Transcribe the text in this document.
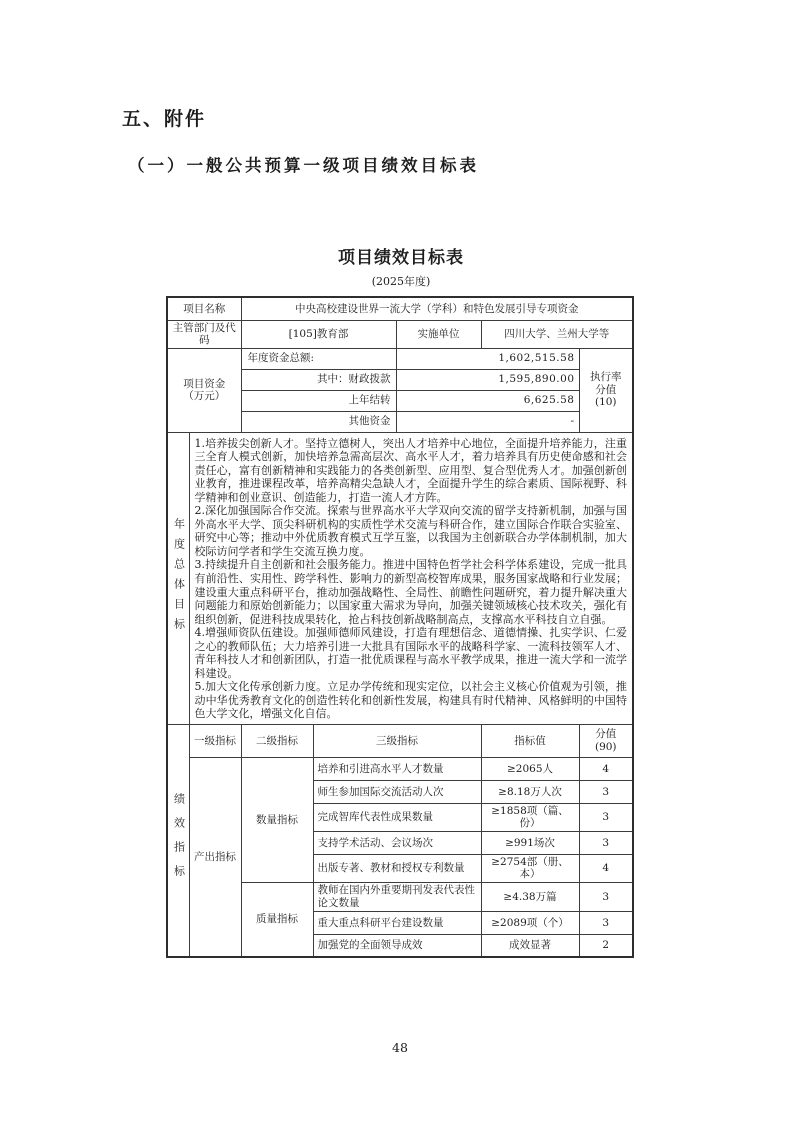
五、附件
（一）一般公共预算一级项目绩效目标表
项目绩效目标表
(2025年度)
项目名称		中央高校建设世界一流大学（学科）和特色发展引导专项资金				
主管部门及代码		[105]教育部		实施单位	四川大学、兰州大学等	

项目资金
（万元）		年度资金总额:		1,602,515.58		执行率
分值
(10)

		其中：财政拨款		1,595,890.00		
		上年结转		6,625.58		
		其他资金		-		

年度总体目标	1.培养拔尖创新人才。坚持立德树人，突出人才培养中心地位，全面提升培养能力，注重三全育人模式创新，加快培养急需高层次、高水平人才，着力培养具有历史使命感和社会责任心，富有创新精神和实践能力的各类创新型、应用型、复合型优秀人才。加强创新创业教育，推进课程改革，培养高精尖急缺人才，全面提升学生的综合素质、国际视野、科学精神和创业意识、创造能力，打造一流人才方阵。

2.深化加强国际合作交流。探索与世界高水平大学双向交流的留学支持新机制，加强与国外高水平大学、顶尖科研机构的实质性学术交流与科研合作，建立国际合作联合实验室、研究中心等；推动中外优质教育模式互学互鉴，以我国为主创新联合办学体制机制，加大校际访问学者和学生交流互换力度。

3.持续提升自主创新和社会服务能力。推进中国特色哲学社会科学体系建设，完成一批具有前沿性、实用性、跨学科性、影响力的新型高校智库成果，服务国家战略和行业发展；建设重大重点科研平台，推动加强战略性、全局性、前瞻性问题研究，着力提升解决重大问题能力和原始创新能力；以国家重大需求为导向，加强关键领域核心技术攻关，强化有组织创新，促进科技成果转化，抢占科技创新战略制高点，支撑高水平科技自立自强。

4.增强师资队伍建设。加强师德师风建设，打造有理想信念、道德情操、扎实学识、仁爱之心的教师队伍；大力培养引进一大批具有国际水平的战略科学家、一流科技领军人才、青年科技人才和创新团队，打造一批优质课程与高水平教学成果，推进一流大学和一流学科建设。

5.加大文化传承创新力度。立足办学传统和现实定位，以社会主义核心价值观为引领，推动中华优秀教育文化的创造性转化和创新性发展，构建具有时代精神、风格鲜明的中国特色大学文化，增强文化自信。					

绩效指标	一级指标	二级指标	三级指标		指标值	分值
(90)

	产出指标	数量指标	培养和引进高水平人才数量		≥2065人	4
			师生参加国际交流活动人次		≥8.18万人次	3
			完成智库代表性成果数量		≥1858项（篇、份）	3
			支持学术活动、会议场次		≥991场次	3
			出版专著、教材和授权专利数量		≥2754部（册、本）	4
		质量指标	教师在国内外重要期刊发表代表性论文数量		≥4.38万篇	3
			重大重点科研平台建设数量		≥2089项（个）	3
			加强党的全面领导成效		成效显著	2
48
